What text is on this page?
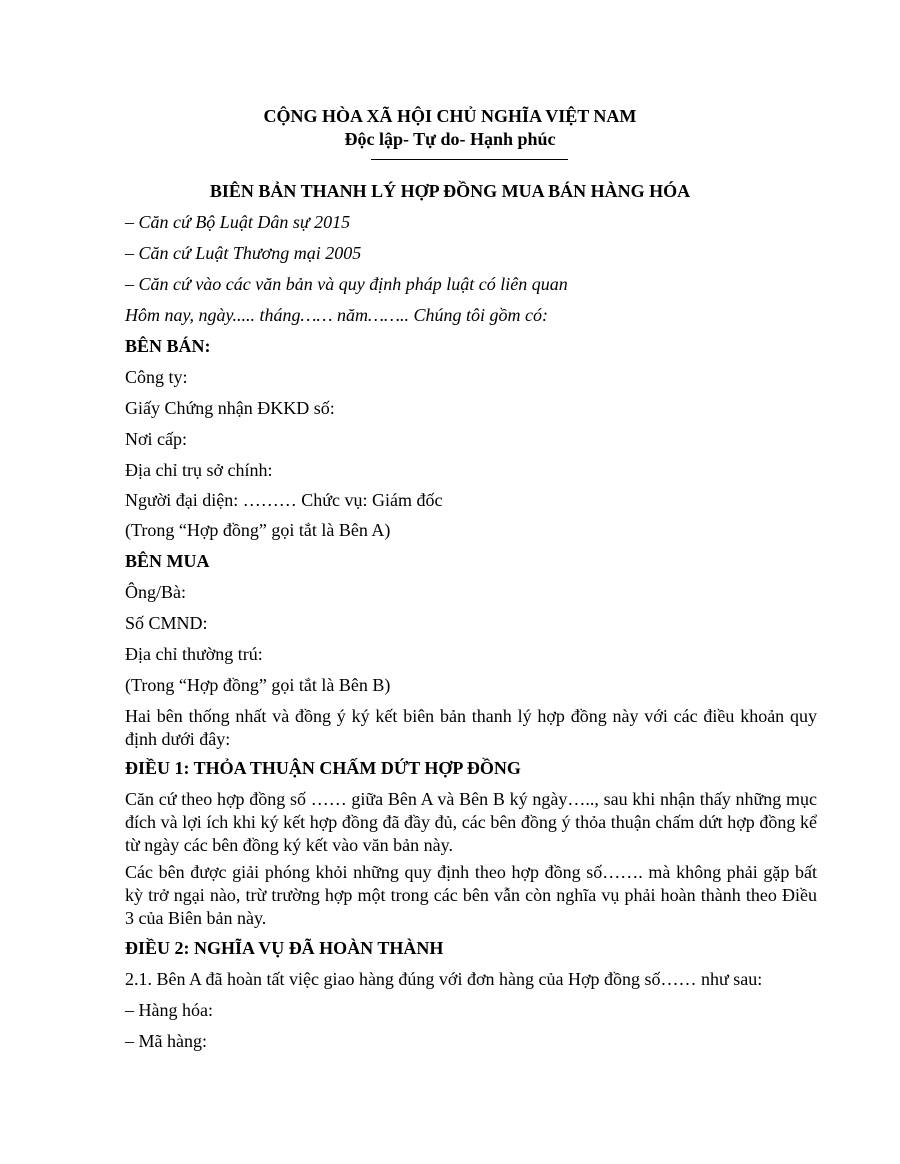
CỘNG HÒA XÃ HỘI CHỦ NGHĨA VIỆT NAM
Độc lập- Tự do- Hạnh phúc
BIÊN BẢN THANH LÝ HỢP ĐỒNG MUA BÁN HÀNG HÓA
– Căn cứ Bộ Luật Dân sự 2015
– Căn cứ Luật Thương mại 2005
– Căn cứ vào các văn bản và quy định pháp luật có liên quan
Hôm nay, ngày..... tháng…… năm…….. Chúng tôi gồm có:
BÊN BÁN:
Công ty:
Giấy Chứng nhận ĐKKD số:
Nơi cấp:
Địa chỉ trụ sở chính:
Người đại diện: ……… Chức vụ: Giám đốc
(Trong “Hợp đồng” gọi tắt là Bên A)
BÊN MUA
Ông/Bà:
Số CMND:
Địa chỉ thường trú:
(Trong “Hợp đồng” gọi tắt là Bên B)
Hai bên thống nhất và đồng ý ký kết biên bản thanh lý hợp đồng này với các điều khoản quy định dưới đây:
ĐIỀU 1: THỎA THUẬN CHẤM DỨT HỢP ĐỒNG
Căn cứ theo hợp đồng số …… giữa Bên A và Bên B ký ngày….., sau khi nhận thấy những mục đích và lợi ích khi ký kết hợp đồng đã đầy đủ, các bên đồng ý thỏa thuận chấm dứt hợp đồng kể từ ngày các bên đồng ký kết vào văn bản này.
Các bên được giải phóng khỏi những quy định theo hợp đồng số……. mà không phải gặp bất kỳ trở ngại nào, trừ trường hợp một trong các bên vẫn còn nghĩa vụ phải hoàn thành theo Điều 3 của Biên bản này.
ĐIỀU 2: NGHĨA VỤ ĐÃ HOÀN THÀNH
2.1. Bên A đã hoàn tất việc giao hàng đúng với đơn hàng của Hợp đồng số…… như sau:
– Hàng hóa:
– Mã hàng:
